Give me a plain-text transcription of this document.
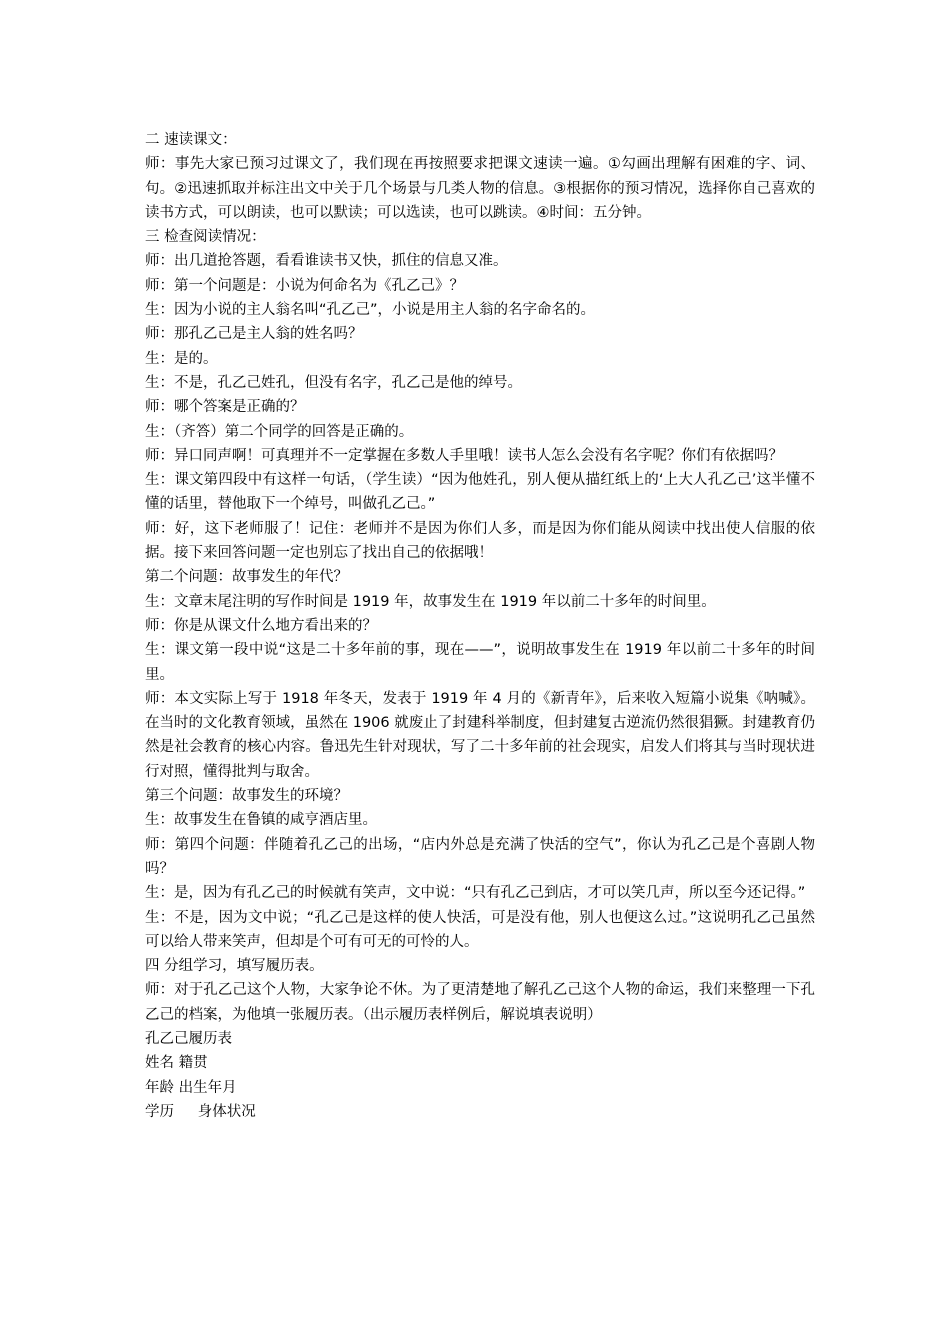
二 速读课文：

师：事先大家已预习过课文了，我们现在再按照要求把课文速读一遍。①勾画出理解有困难的字、词、句。②迅速抓取并标注出文中关于几个场景与几类人物的信息。③根据你的预习情况，选择你自己喜欢的读书方式，可以朗读，也可以默读；可以选读，也可以跳读。④时间：五分钟。

三 检查阅读情况：

师：出几道抢答题，看看谁读书又快，抓住的信息又准。

师：第一个问题是：小说为何命名为《孔乙己》？

生：因为小说的主人翁名叫“孔乙己”，小说是用主人翁的名字命名的。

师：那孔乙己是主人翁的姓名吗？

生：是的。

生：不是，孔乙己姓孔，但没有名字，孔乙己是他的绰号。

师：哪个答案是正确的？

生：（齐答）第二个同学的回答是正确的。

师：异口同声啊！可真理并不一定掌握在多数人手里哦！读书人怎么会没有名字呢？你们有依据吗？

生：课文第四段中有这样一句话，（学生读）“因为他姓孔，别人便从描红纸上的‘上大人孔乙己’这半懂不懂的话里，替他取下一个绰号，叫做孔乙己。”

师：好，这下老师服了！记住：老师并不是因为你们人多，而是因为你们能从阅读中找出使人信服的依据。接下来回答问题一定也别忘了找出自己的依据哦！

第二个问题：故事发生的年代？

生：文章末尾注明的写作时间是 1919 年，故事发生在 1919 年以前二十多年的时间里。

师：你是从课文什么地方看出来的？

生：课文第一段中说“这是二十多年前的事，现在——”，说明故事发生在 1919 年以前二十多年的时间里。

师：本文实际上写于 1918 年冬天，发表于 1919 年 4 月的《新青年》，后来收入短篇小说集《呐喊》。在当时的文化教育领域，虽然在 1906 就废止了封建科举制度，但封建复古逆流仍然很猖獗。封建教育仍然是社会教育的核心内容。鲁迅先生针对现状，写了二十多年前的社会现实，启发人们将其与当时现状进行对照，懂得批判与取舍。

第三个问题：故事发生的环境？

生：故事发生在鲁镇的咸亨酒店里。

师：第四个问题：伴随着孔乙己的出场，“店内外总是充满了快活的空气”，你认为孔乙己是个喜剧人物吗？

生：是，因为有孔乙己的时候就有笑声，文中说：“只有孔乙己到店，才可以笑几声，所以至今还记得。”

生：不是，因为文中说；“孔乙己是这样的使人快活，可是没有他，别人也便这么过。”这说明孔乙己虽然可以给人带来笑声，但却是个可有可无的可怜的人。

四 分组学习，填写履历表。

师：对于孔乙己这个人物，大家争论不休。为了更清楚地了解孔乙己这个人物的命运，我们来整理一下孔乙己的档案，为他填一张履历表。（出示履历表样例后，解说填表说明）

孔乙己履历表

姓名 籍贯

年龄 出生年月

学历 　 身体状况
